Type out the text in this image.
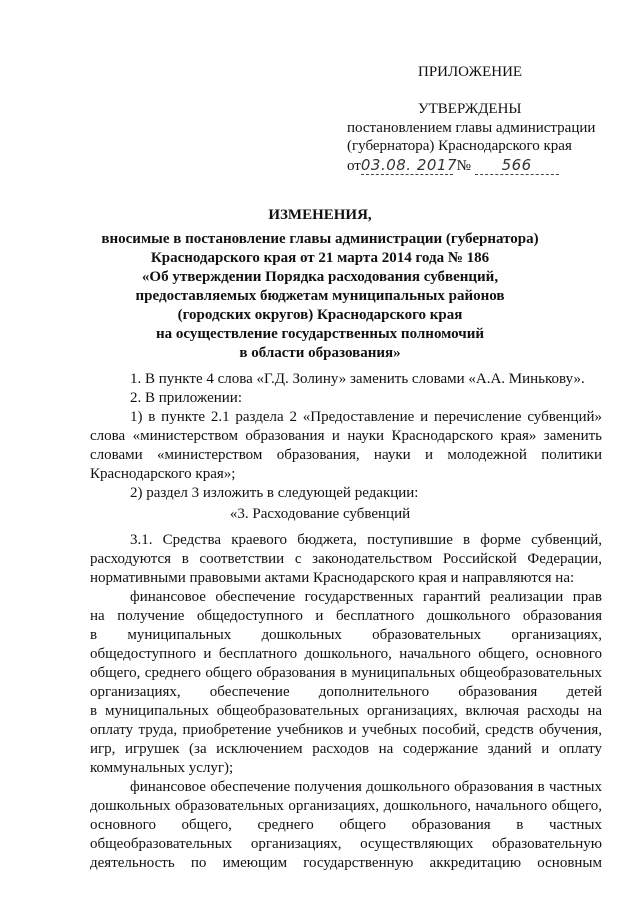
ПРИЛОЖЕНИЕ
УТВЕРЖДЕНЫ
постановлением главы администрации
(губернатора) Краснодарского края
от03.08. 2017 № 566
ИЗМЕНЕНИЯ,
вносимые в постановление главы администрации (губернатора)
Краснодарского края от 21 марта 2014 года № 186
«Об утверждении Порядка расходования субвенций,
предоставляемых бюджетам муниципальных районов
(городских округов) Краснодарского края
на осуществление государственных полномочий
в области образования»
1. В пункте 4 слова «Г.Д. Золину» заменить словами «А.А. Минькову».
2. В приложении:
1) в пункте 2.1 раздела 2 «Предоставление и перечисление субвенций»
слова «министерством образования и науки Краснодарского края» заменить
словами «министерством образования, науки и молодежной политики
Краснодарского края»;
2) раздел 3 изложить в следующей редакции:
«3. Расходование субвенций
3.1. Средства краевого бюджета, поступившие в форме субвенций,
расходуются в соответствии с законодательством Российской Федерации,
нормативными правовыми актами Краснодарского края и направляются на:
финансовое обеспечение государственных гарантий реализации прав
на получение общедоступного и бесплатного дошкольного образования
в муниципальных дошкольных образовательных организациях,
общедоступного и бесплатного дошкольного, начального общего, основного
общего, среднего общего образования в муниципальных общеобразовательных
организациях, обеспечение дополнительного образования детей
в муниципальных общеобразовательных организациях, включая расходы на
оплату труда, приобретение учебников и учебных пособий, средств обучения,
игр, игрушек (за исключением расходов на содержание зданий и оплату
коммунальных услуг);
финансовое обеспечение получения дошкольного образования в частных
дошкольных образовательных организациях, дошкольного, начального общего,
основного общего, среднего общего образования в частных
общеобразовательных организациях, осуществляющих образовательную
деятельность по имеющим государственную аккредитацию основным
